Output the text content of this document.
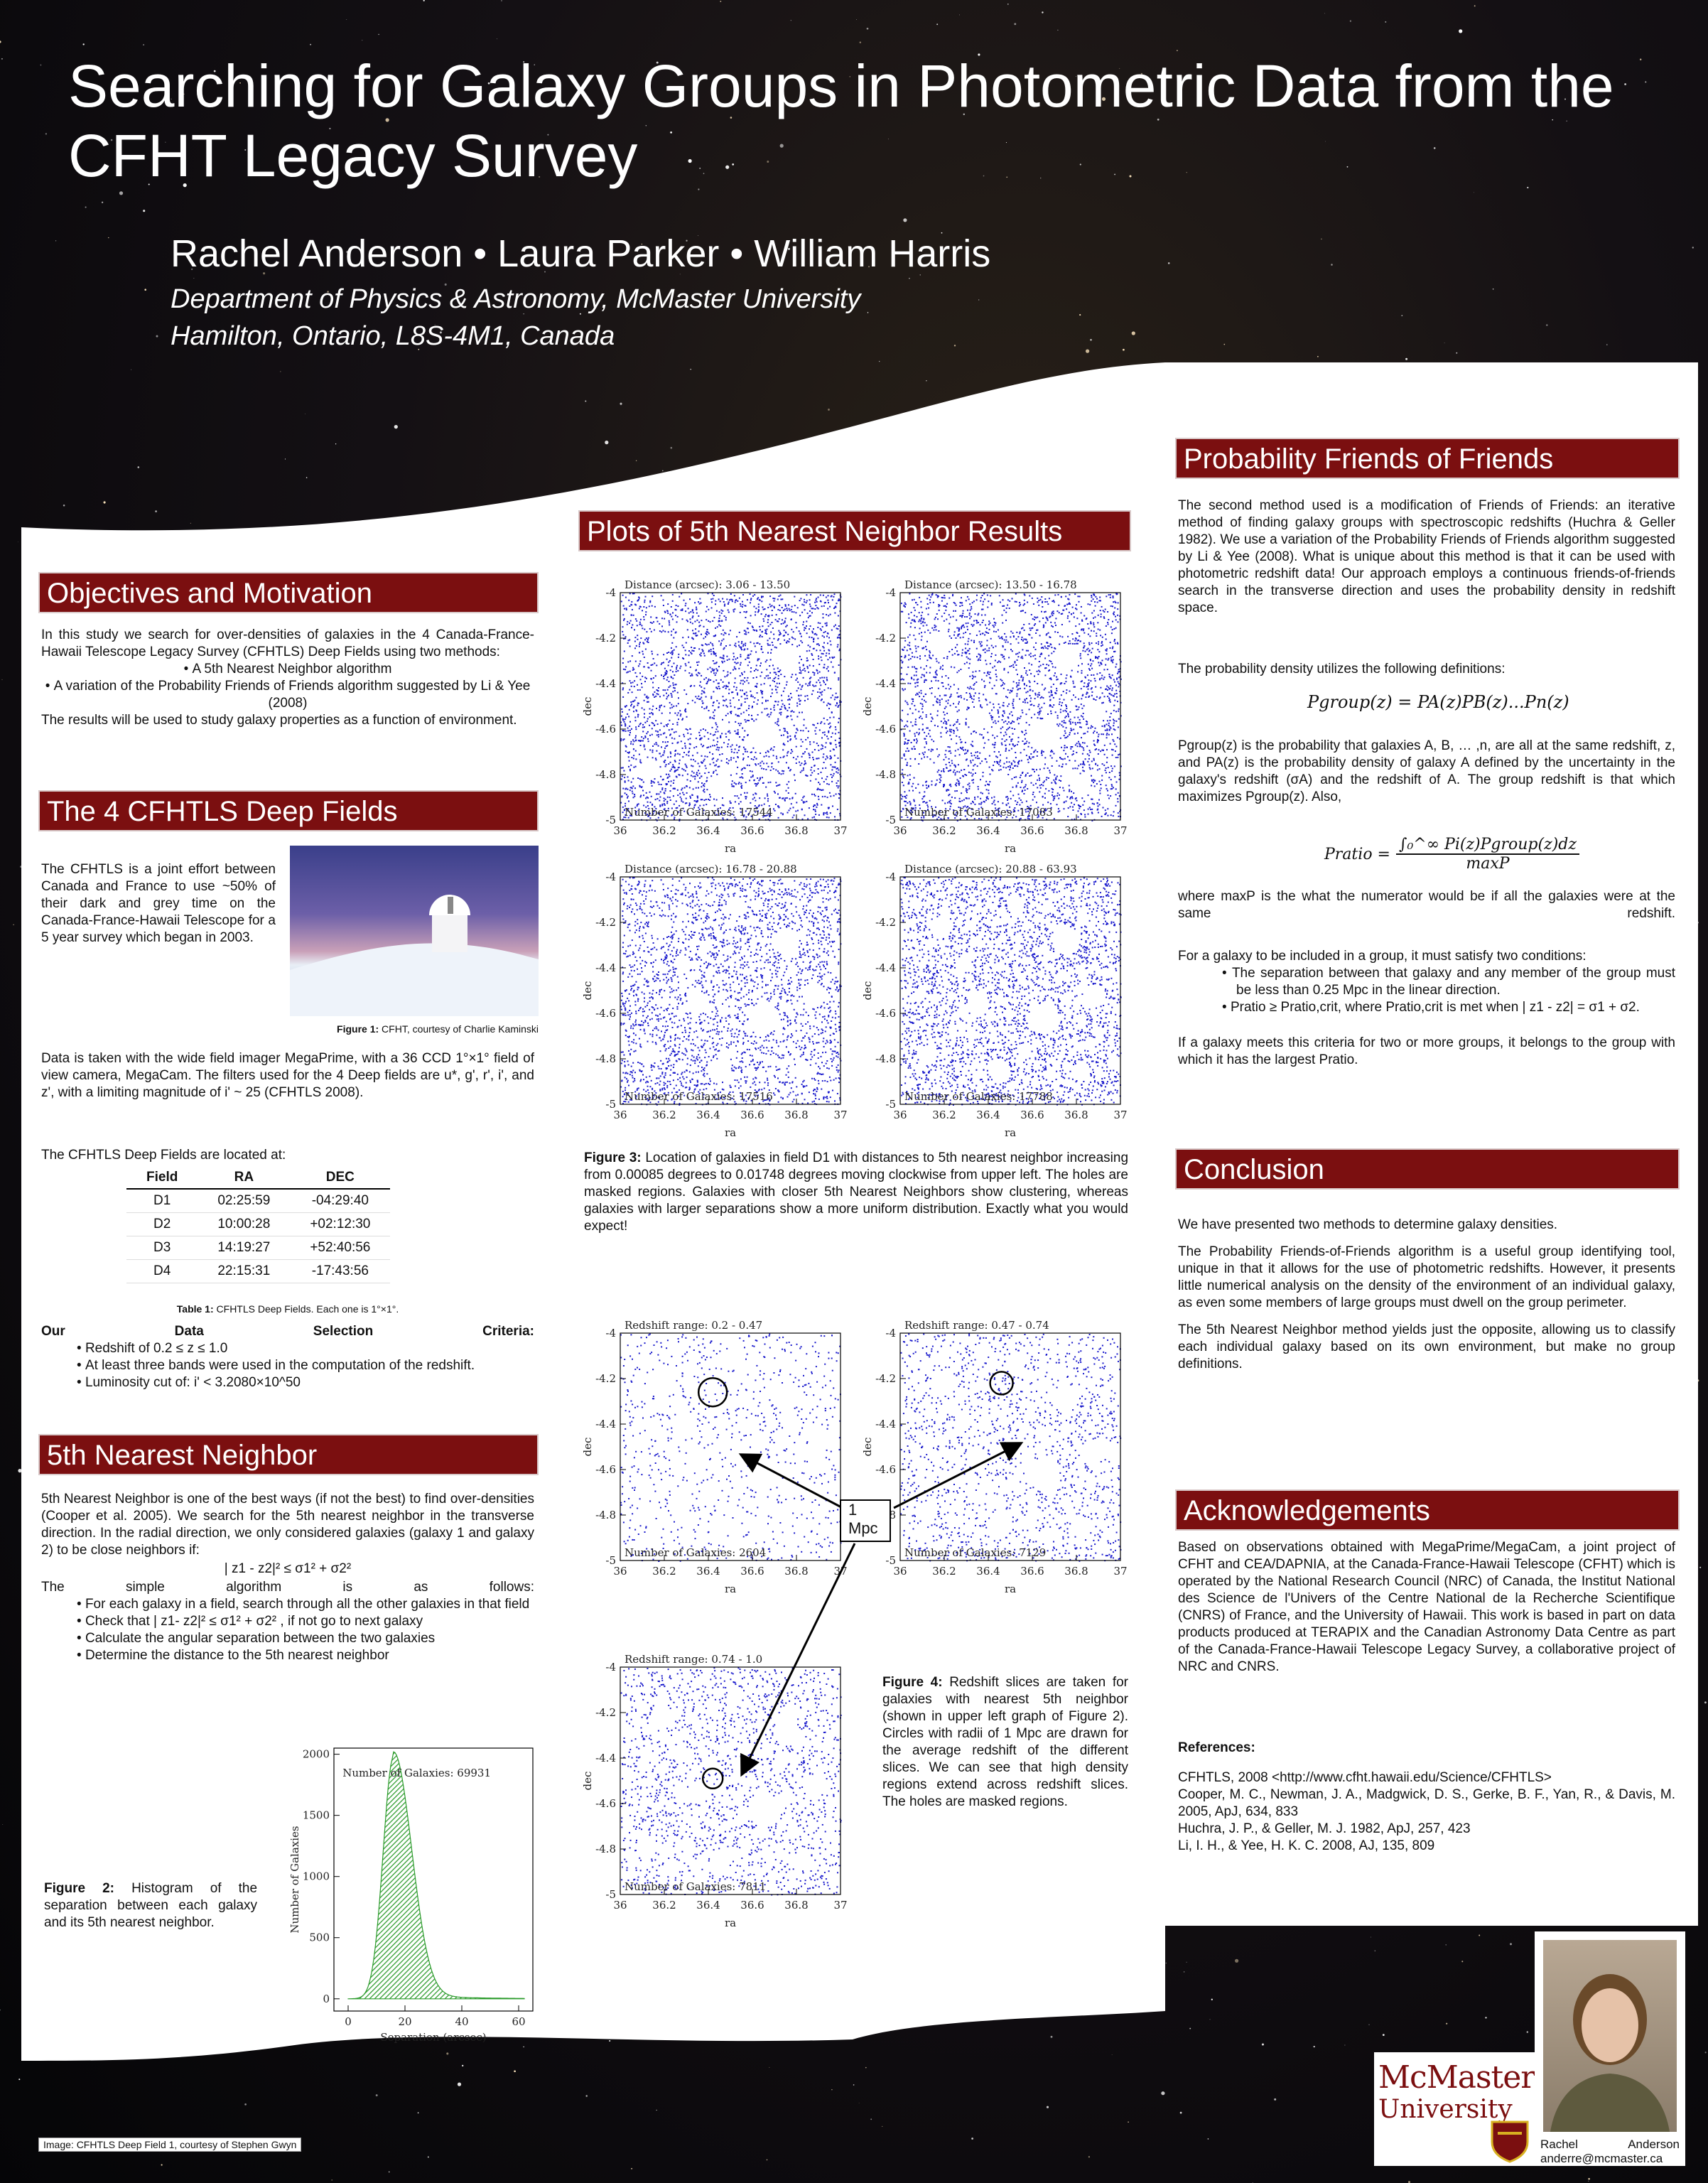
Searching for Galaxy Groups in Photometric Data from the CFHT Legacy Survey
Rachel Anderson • Laura Parker • William Harris
Department of Physics & Astronomy, McMaster University
Hamilton, Ontario, L8S-4M1, Canada
Objectives and Motivation

In this study we search for over-densities of galaxies in the 4 Canada-France-Hawaii Telescope Legacy Survey (CFHTLS) Deep Fields using two methods:

• A 5th Nearest Neighbor algorithm

• A variation of the Probability Friends of Friends algorithm suggested by Li & Yee (2008)

The results will be used to study galaxy properties as a function of environment.

The 4 CFHTLS Deep Fields
The CFHTLS is a joint effort between Canada and France to use ~50% of their dark and grey time on the Canada-France-Hawaii Telescope for a 5 year survey which began in 2003.
Figure 1: CFHT, courtesy of Charlie Kaminski
Data is taken with the wide field imager MegaPrime, with a 36 CCD 1°×1° field of view camera, MegaCam. The filters used for the 4 Deep fields are u*, g', r', i', and z', with a limiting magnitude of i' ~ 25 (CFHTLS 2008).
The CFHTLS Deep Fields are located at:
Field	RA	DEC
D1	02:25:59	-04:29:40
D2	10:00:28	+02:12:30
D3	14:19:27	+52:40:56
D4	22:15:31	-17:43:56
Table 1: CFHTLS Deep Fields. Each one is 1°×1°.
Our Data Selection Criteria:
• Redshift of 0.2 ≤ z ≤ 1.0
• At least three bands were used in the computation of the redshift.
• Luminosity cut of: i' < 3.2080×10^50
5th Nearest Neighbor
5th Nearest Neighbor is one of the best ways (if not the best) to find over-densities (Cooper et al. 2005). We search for the 5th nearest neighbor in the transverse direction. In the radial direction, we only considered galaxies (galaxy 1 and galaxy 2) to be close neighbors if:
| z1 - z2|² ≤ σ1² + σ2²
The simple algorithm is as follows:
• For each galaxy in a field, search through all the other galaxies in that field
• Check that | z1- z2|² ≤ σ1² + σ2² , if not go to next galaxy
• Calculate the angular separation between the two galaxies
• Determine the distance to the 5th nearest neighbor
Figure 2: Histogram of the separation between each galaxy and its 5th nearest neighbor.
0	20	40	60
0
500
1000
1500
2000
Separation (arcsec)
Number of Galaxies
Number of Galaxies: 69931
Plots of 5th Nearest Neighbor Results
Distance (arcsec): 3.06 - 13.50
36 36.2 36.4 36.6 36.8 37
-4
-4.2
-4.4
-4.6
-4.8
-5
ra
dec
Number of Galaxies: 17544
Distance (arcsec): 13.50 - 16.78
36 36.2 36.4 36.6 36.8 37
-4
-4.2
-4.4
-4.6
-4.8
-5
ra
dec
Number of Galaxies: 17083
Distance (arcsec): 16.78 - 20.88
36 36.2 36.4 36.6 36.8 37
-4
-4.2
-4.4
-4.6
-4.8
-5
ra
dec
Number of Galaxies: 17516
Distance (arcsec): 20.88 - 63.93
36 36.2 36.4 36.6 36.8 37
-4
-4.2
-4.4
-4.6
-4.8
-5
ra
dec
Number of Galaxies: 17788
Figure 3: Location of galaxies in field D1 with distances to 5th nearest neighbor increasing from 0.00085 degrees to 0.01748 degrees moving clockwise from upper left. The holes are masked regions. Galaxies with closer 5th Nearest Neighbors show clustering, whereas galaxies with larger separations show a more uniform distribution. Exactly what you would expect!
Redshift range: 0.2 - 0.47
36 36.2 36.4 36.6 36.8
-4
-4.2
-4.4
-4.6
-4.8
-5
ra
dec
Number of Galaxies: 2604
Redshift range: 0.47 - 0.74
36 36.2 36.4 36.6 36.8 37
-4
-4.2
-4.4
-4.6
-5
ra
dec
Number of Galaxies: 7129
Redshift range: 0.74 - 1.0
36 36.2 36.4 36.6 36.8 37
-4
-4.2
-4.4
-4.6
-4.8
-5
ra
dec
Number of Galaxies: 7811
Figure 4: Redshift slices are taken for galaxies with nearest 5th neighbor (shown in upper left graph of Figure 2). Circles with radii of 1 Mpc are drawn for the average redshift of the different slices. We can see that high density regions extend across redshift slices. The holes are masked regions.
1
Mpc
Probability Friends of Friends
The second method used is a modification of Friends of Friends: an iterative method of finding galaxy groups with spectroscopic redshifts (Huchra & Geller 1982). We use a variation of the Probability Friends of Friends algorithm suggested by Li & Yee (2008). What is unique about this method is that it can be used with photometric redshift data! Our approach employs a continuous friends-of-friends search in the transverse direction and uses the probability density in redshift space.
The probability density utilizes the following definitions:
Pgroup(z) = PA(z)PB(z)...Pn(z)
Pgroup(z) is the probability that galaxies A, B, … ,n, are all at the same redshift, z, and PA(z) is the probability density of galaxy A defined by the uncertainty in the galaxy's redshift (σA) and the redshift of A. The group redshift is that which maximizes Pgroup(z). Also,
Pratio =
∫₀^∞ Pi(z)Pgroup(z)dz
maxP
where maxP is the what the numerator would be if all the galaxies were at the same redshift.
For a galaxy to be included in a group, it must satisfy two conditions:
• The separation between that galaxy and any member of the group must be less than 0.25 Mpc in the linear direction.
• Pratio ≥ Pratio,crit, where Pratio,crit is met when | z1 - z2| = σ1 + σ2.
If a galaxy meets this criteria for two or more groups, it belongs to the group with which it has the largest Pratio.
Conclusion

We have presented two methods to determine galaxy densities.

The Probability Friends-of-Friends algorithm is a useful group identifying tool, unique in that it allows for the use of photometric redshifts. However, it presents little numerical analysis on the density of the environment of an individual galaxy, as even some members of large groups must dwell on the group perimeter.

The 5th Nearest Neighbor method yields just the opposite, allowing us to classify each individual galaxy based on its own environment, but make no group definitions.

Acknowledgements
Based on observations obtained with MegaPrime/MegaCam, a joint project of CFHT and CEA/DAPNIA, at the Canada-France-Hawaii Telescope (CFHT) which is operated by the National Research Council (NRC) of Canada, the Institut National des Science de l'Univers of the Centre National de la Recherche Scientifique (CNRS) of France, and the University of Hawaii. This work is based in part on data products produced at TERAPIX and the Canadian Astronomy Data Centre as part of the Canada-France-Hawaii Telescope Legacy Survey, a collaborative project of NRC and CNRS.
References:
CFHTLS, 2008 <http://www.cfht.hawaii.edu/Science/CFHTLS>
Cooper, M. C., Newman, J. A., Madgwick, D. S., Gerke, B. F., Yan, R., & Davis, M. 2005, ApJ, 634, 833
Huchra, J. P., & Geller, M. J. 1982, ApJ, 257, 423
Li, I. H., & Yee, H. K. C. 2008, AJ, 135, 809
McMaster
University
Rachel Anderson
anderre@mcmaster.ca
Image: CFHTLS Deep Field 1, courtesy of Stephen Gwyn
